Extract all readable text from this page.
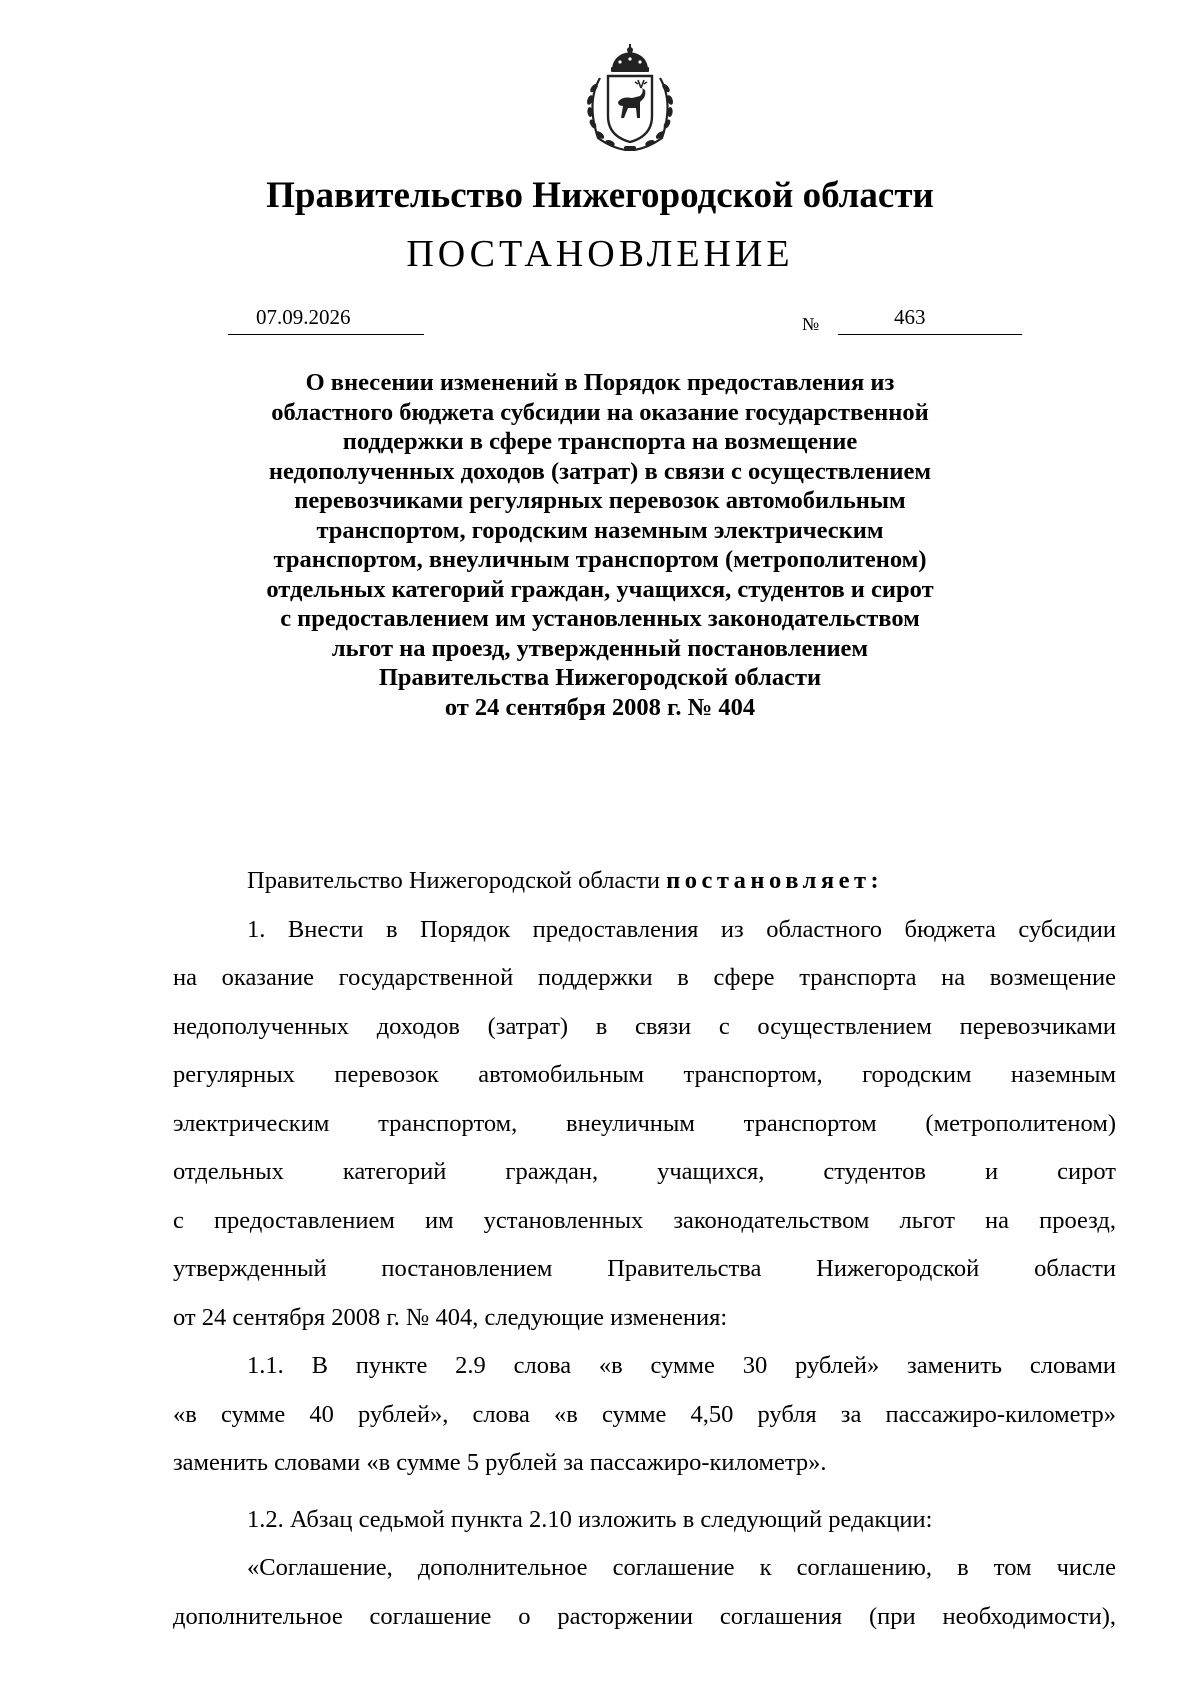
Правительство Нижегородской области
ПОСТАНОВЛЕНИЕ
07.09.2026	№	463
О внесении изменений в Порядок предоставления из
областного бюджета субсидии на оказание государственной
поддержки в сфере транспорта на возмещение
недополученных доходов (затрат) в связи с осуществлением
перевозчиками регулярных перевозок автомобильным
транспортом, городским наземным электрическим
транспортом, внеуличным транспортом (метрополитеном)
отдельных категорий граждан, учащихся, студентов и сирот
с предоставлением им установленных законодательством
льгот на проезд, утвержденный постановлением
Правительства Нижегородской области
от 24 сентября 2008 г. № 404
Правительство Нижегородской области постановляет:
1. Внести в Порядок предоставления из областного бюджета субсидии
на оказание государственной поддержки в сфере транспорта на возмещение
недополученных доходов (затрат) в связи с осуществлением перевозчиками
регулярных перевозок автомобильным транспортом, городским наземным
электрическим транспортом, внеуличным транспортом (метрополитеном)
отдельных категорий граждан, учащихся, студентов и сирот
с предоставлением им установленных законодательством льгот на проезд,
утвержденный постановлением Правительства Нижегородской области
от 24 сентября 2008 г. № 404, следующие изменения:
1.1. В пункте 2.9 слова «в сумме 30 рублей» заменить словами
«в сумме 40 рублей», слова «в сумме 4,50 рубля за пассажиро-километр»
заменить словами «в сумме 5 рублей за пассажиро-километр».
1.2. Абзац седьмой пункта 2.10 изложить в следующий редакции:
«Соглашение, дополнительное соглашение к соглашению, в том числе
дополнительное соглашение о расторжении соглашения (при необходимости),
